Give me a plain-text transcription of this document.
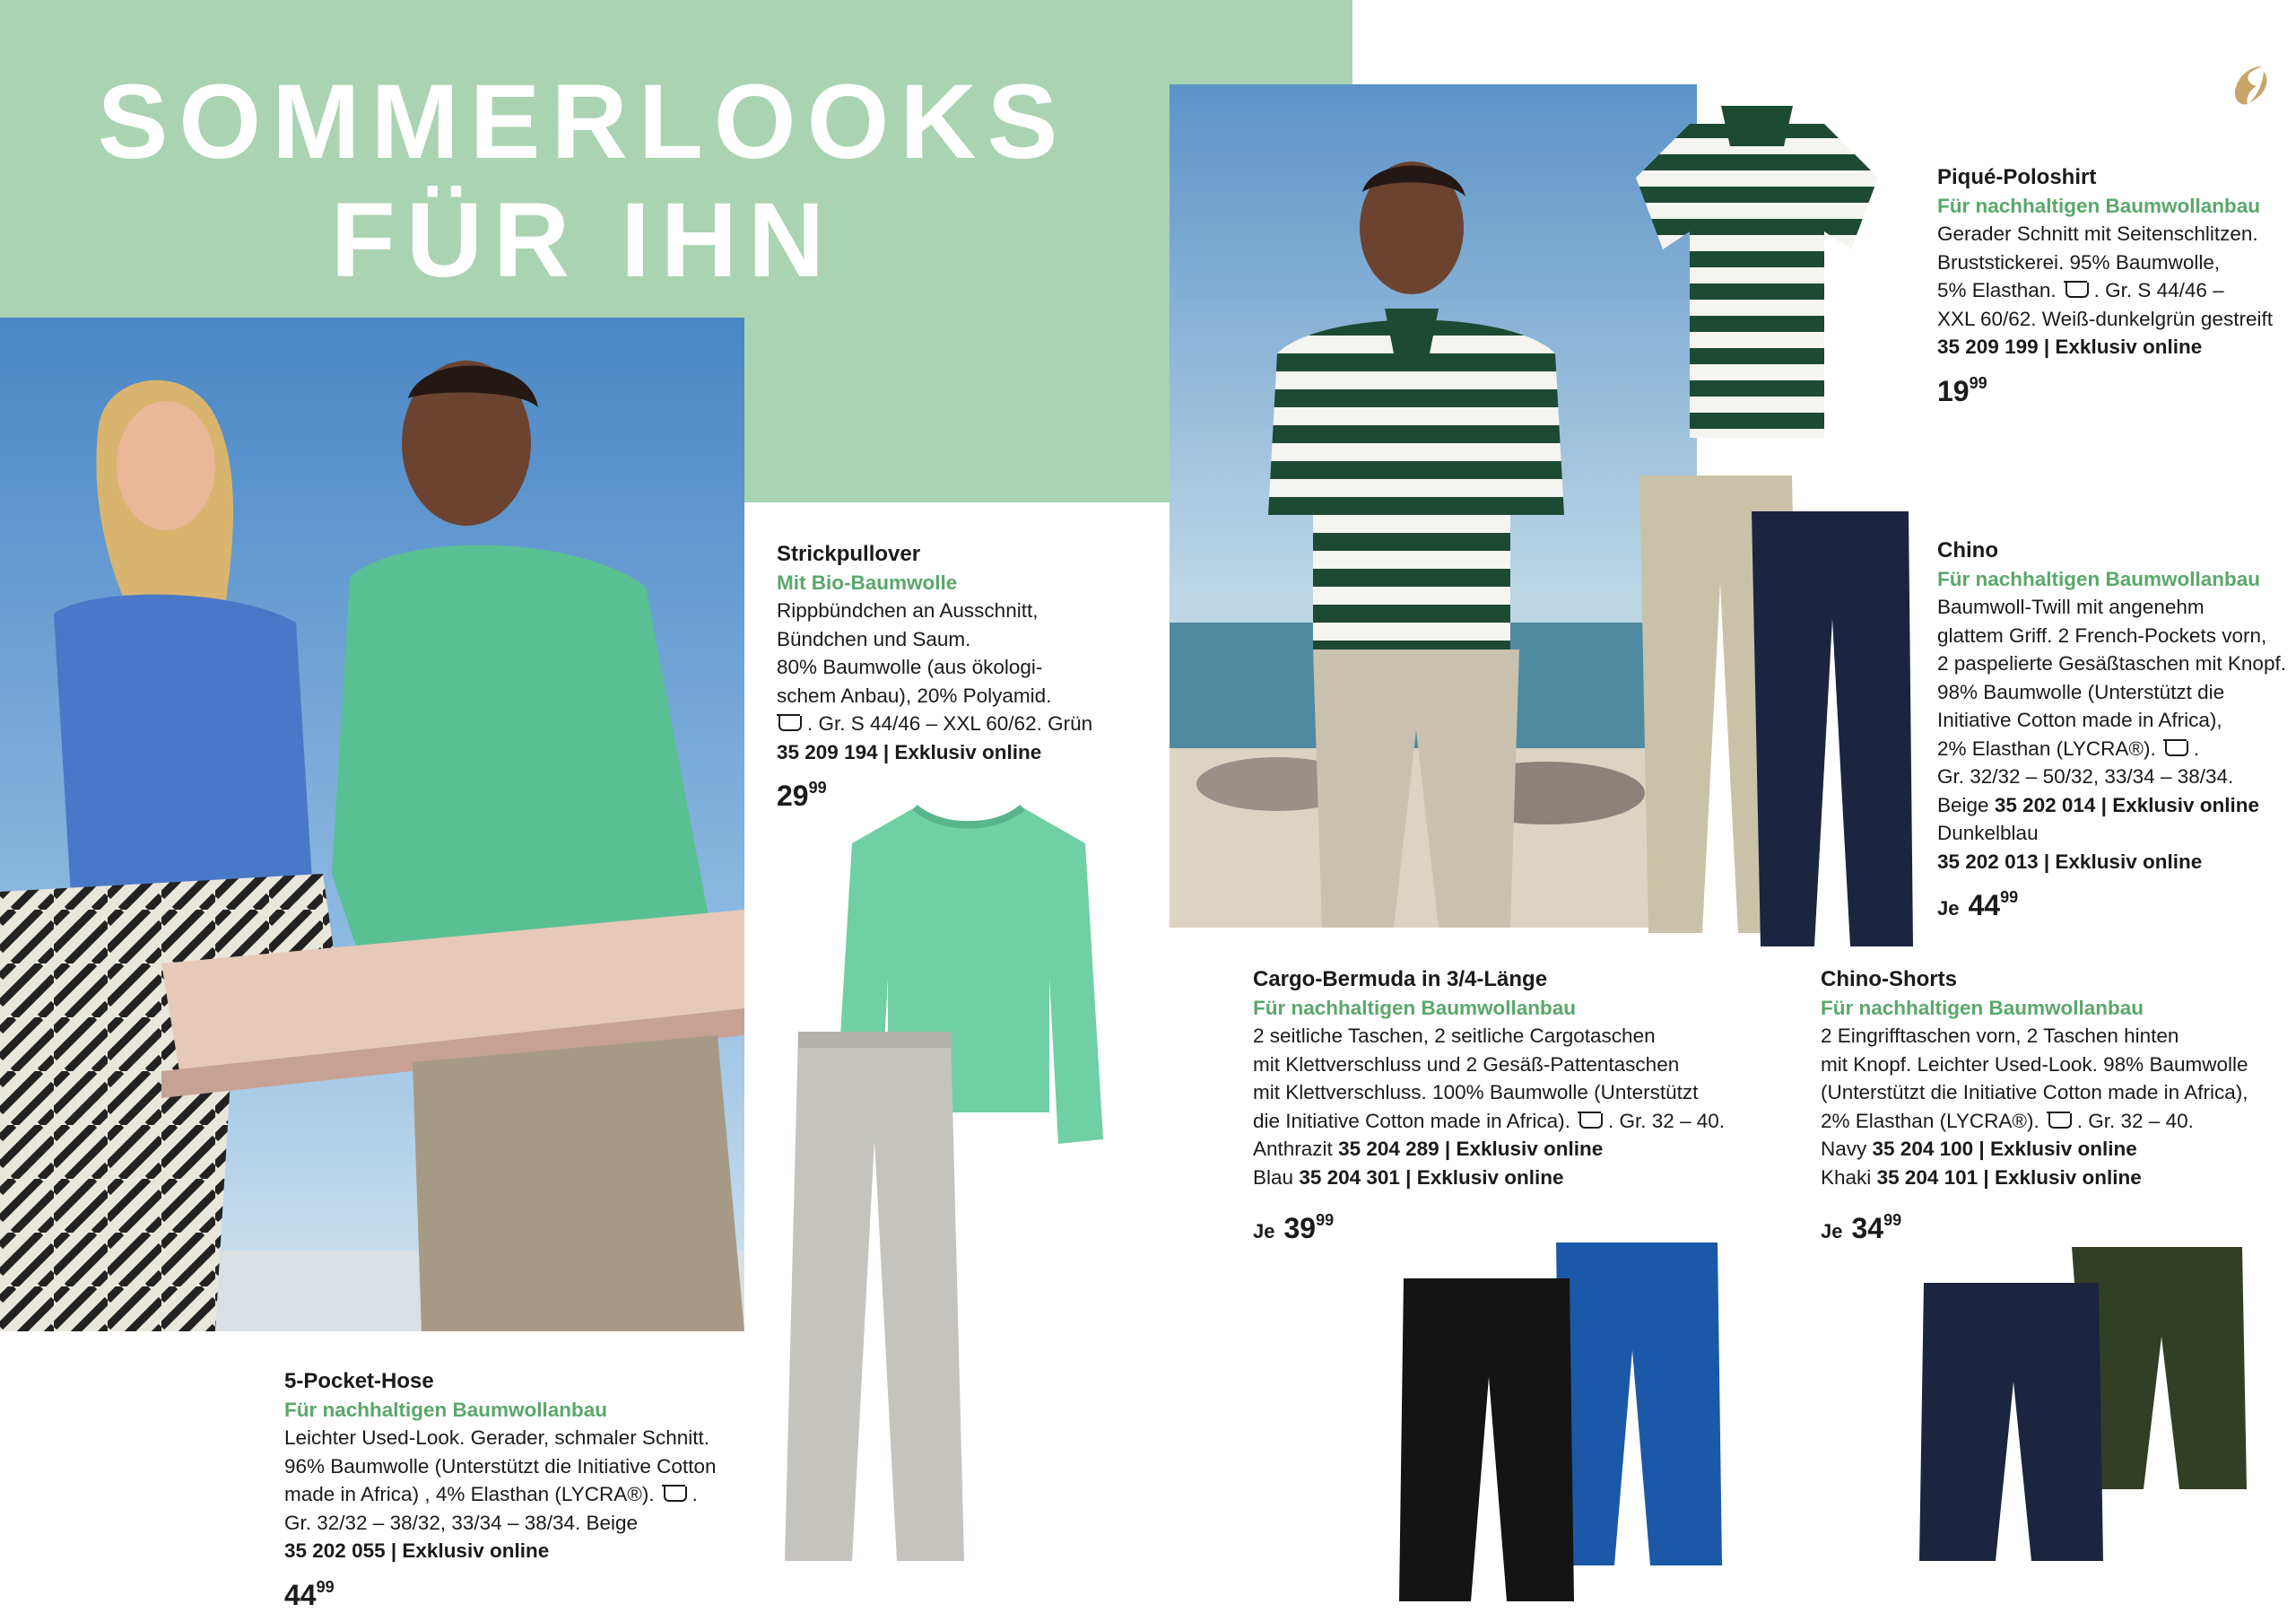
SOMMERLOOKS
FÜR IHN
Strickpullover
Mit Bio-Baumwolle
Rippbündchen an Ausschnitt,
Bündchen und Saum.
80% Baumwolle (aus ökologi-
schem Anbau), 20% Polyamid.
. Gr. S 44/46 – XXL 60/62. Grün
35 209 194 | Exklusiv online
$29^{99}$
5-Pocket-Hose
Für nachhaltigen Baumwollanbau
Leichter Used-Look. Gerader, schmaler Schnitt.
96% Baumwolle (Unterstützt die Initiative Cotton
made in Africa) , 4% Elasthan (LYCRA®). .
Gr. 32/32 – 38/32, 33/34 – 38/34. Beige
35 202 055 | Exklusiv online
$44^{99}$
Piqué-Poloshirt
Für nachhaltigen Baumwollanbau
Gerader Schnitt mit Seitenschlitzen.
Bruststickerei. 95% Baumwolle,
5% Elasthan. . Gr. S 44/46 –
XXL 60/62. Weiß-dunkelgrün gestreift
35 209 199 | Exklusiv online
$19^{99}$
Chino
Für nachhaltigen Baumwollanbau
Baumwoll-Twill mit angenehm
glattem Griff. 2 French-Pockets vorn,
2 paspelierte Gesäßtaschen mit Knopf.
98% Baumwolle (Unterstützt die
Initiative Cotton made in Africa),
2% Elasthan (LYCRA®). .
Gr. 32/32 – 50/32, 33/34 – 38/34.
Beige 35 202 014 | Exklusiv online
Dunkelblau
35 202 013 | Exklusiv online
Je $44^{99}$
Cargo-Bermuda in 3/4-Länge
Für nachhaltigen Baumwollanbau
2 seitliche Taschen, 2 seitliche Cargotaschen
mit Klettverschluss und 2 Gesäß-Pattentaschen
mit Klettverschluss. 100% Baumwolle (Unterstützt
die Initiative Cotton made in Africa). . Gr. 32 – 40.
Anthrazit 35 204 289 | Exklusiv online
Blau 35 204 301 | Exklusiv online
Je $39^{99}$
Chino-Shorts
Für nachhaltigen Baumwollanbau
2 Eingrifftaschen vorn, 2 Taschen hinten
mit Knopf. Leichter Used-Look. 98% Baumwolle
(Unterstützt die Initiative Cotton made in Africa),
2% Elasthan (LYCRA®). . Gr. 32 – 40.
Navy 35 204 100 | Exklusiv online
Khaki 35 204 101 | Exklusiv online
Je $34^{99}$
